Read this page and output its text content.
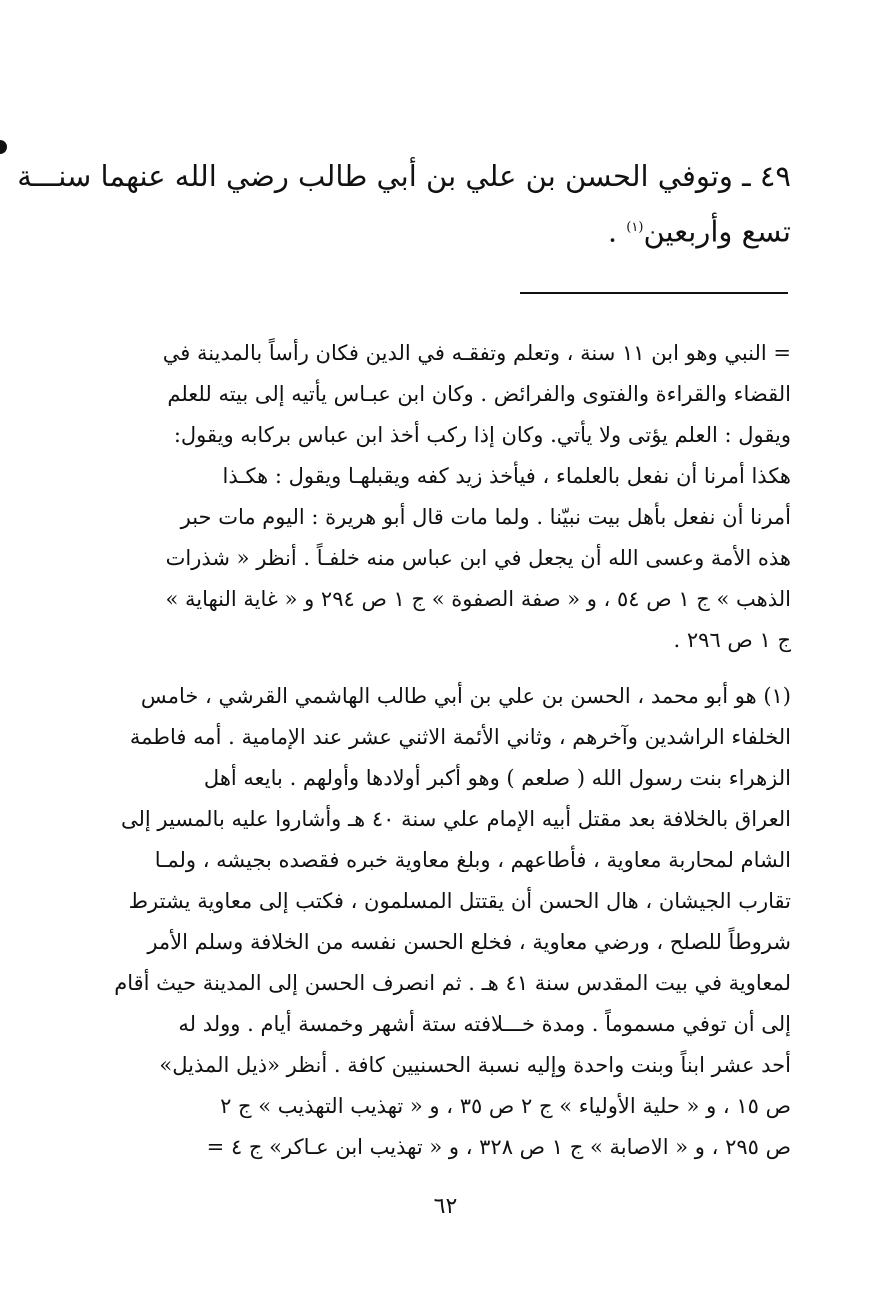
٤٩ ـ وتوفي الحسن بن علي بن أبي طالب رضي الله عنهما سنـــة
تسع وأربعين$^{(١)}$ .
= النبي وهو ابن ١١ سنة ، وتعلم وتفقـه في الدين فكان رأساً بالمدينة في
القضاء والقراءة والفتوى والفرائض . وكان ابن عبـاس يأتيه إلى بيته للعلم
ويقول : العلم يؤتى ولا يأتي. وكان إذا ركب أخذ ابن عباس بركابه ويقول:
هكذا أمرنا أن نفعل بالعلماء ، فيأخذ زيد كفه ويقبلهـا ويقول : هكـذا
أمرنا أن نفعل بأهل بيت نبيّنا . ولما مات قال أبو هريرة : اليوم مات حبر
هذه الأمة وعسى الله أن يجعل في ابن عباس منه خلفـاً . أنظر « شذرات
الذهب » ج ١ ص ٥٤ ، و « صفة الصفوة » ج ١ ص ٢٩٤ و « غاية النهاية »
ج ١ ص ٢٩٦ .
(١) هو أبو محمد ، الحسن بن علي بن أبي طالب الهاشمي القرشي ، خامس
الخلفاء الراشدين وآخرهم ، وثاني الأئمة الاثني عشر عند الإمامية . أمه فاطمة
الزهراء بنت رسول الله ( صلعم ) وهو أكبر أولادها وأولهم . بايعه أهل
العراق بالخلافة بعد مقتل أبيه الإمام علي سنة ٤٠ هـ وأشاروا عليه بالمسير إلى
الشام لمحاربة معاوية ، فأطاعهم ، وبلغ معاوية خبره فقصده بجيشه ، ولمـا
تقارب الجيشان ، هال الحسن أن يقتتل المسلمون ، فكتب إلى معاوية يشترط
شروطاً للصلح ، ورضي معاوية ، فخلع الحسن نفسه من الخلافة وسلم الأمر
لمعاوية في بيت المقدس سنة ٤١ هـ . ثم انصرف الحسن إلى المدينة حيث أقام
إلى أن توفي مسموماً . ومدة خـــلافته ستة أشهر وخمسة أيام . وولد له
أحد عشر ابناً وبنت واحدة وإليه نسبة الحسنيين كافة . أنظر «ذيل المذيل»
ص ١٥ ، و « حلية الأولياء » ج ٢ ص ٣٥ ، و « تهذيب التهذيب » ج ٢
ص ٢٩٥ ، و « الاصابة » ج ١ ص ٣٢٨ ، و « تهذيب ابن عـاكر» ج ٤ =
٦٢
